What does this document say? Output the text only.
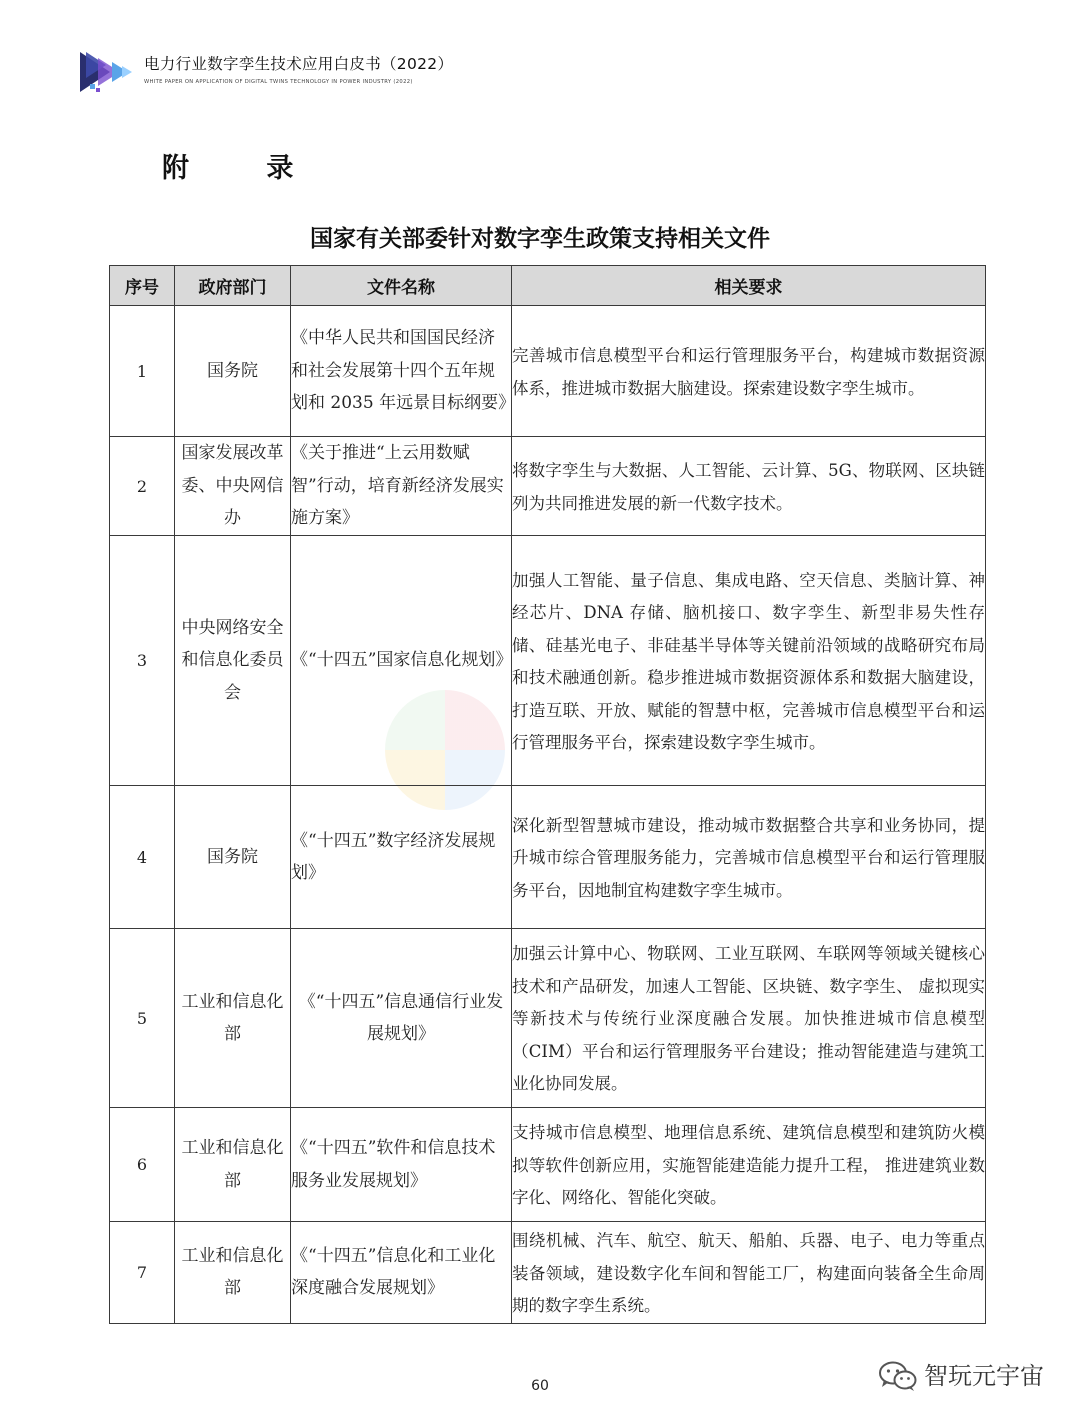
电力行业数字孪生技术应用白皮书（2022）
WHITE PAPER ON APPLICATION OF DIGITAL TWINS TECHNOLOGY IN POWER INDUSTRY (2022)
附 录
国家有关部委针对数字孪生政策支持相关文件
序号	政府部门	文件名称	相关要求
1	国务院	《中华人民共和国国民经济和社会发展第十四个五年规划和 2035 年远景目标纲要》	完善城市信息模型平台和运行管理服务平台，构建城市数据资源体系，推进城市数据大脑建设。探索建设数字孪生城市。

2	国家发展改革委、中央网信办	《关于推进“上云用数赋智”行动，培育新经济发展实施方案》	将数字孪生与大数据、人工智能、云计算、5G、物联网、区块链列为共同推进发展的新一代数字技术。

3	中央网络安全和信息化委员会	《“十四五”国家信息化规划》	加强人工智能、量子信息、集成电路、空天信息、类脑计算、神经芯片、DNA 存储、脑机接口、数字孪生、新型非易失性存储、硅基光电子、非硅基半导体等关键前沿领域的战略研究布局和技术融通创新。稳步推进城市数据资源体系和数据大脑建设，打造互联、开放、赋能的智慧中枢，完善城市信息模型平台和运行管理服务平台，探索建设数字孪生城市。

4	国务院	《“十四五”数字经济发展规划》	深化新型智慧城市建设，推动城市数据整合共享和业务协同，提升城市综合管理服务能力，完善城市信息模型平台和运行管理服务平台，因地制宜构建数字孪生城市。

5	工业和信息化部	《“十四五”信息通信行业发展规划》	加强云计算中心、物联网、工业互联网、车联网等领域关键核心技术和产品研发，加速人工智能、区块链、数字孪生、 虚拟现实等新技术与传统行业深度融合发展。加快推进城市信息模型（CIM）平台和运行管理服务平台建设；推动智能建造与建筑工业化协同发展。

6	工业和信息化部	《“十四五”软件和信息技术服务业发展规划》	支持城市信息模型、地理信息系统、建筑信息模型和建筑防火模拟等软件创新应用，实施智能建造能力提升工程， 推进建筑业数字化、网络化、智能化突破。

7	工业和信息化部	《“十四五”信息化和工业化深度融合发展规划》	围绕机械、汽车、航空、航天、船舶、兵器、电子、电力等重点装备领域，建设数字化车间和智能工厂，构建面向装备全生命周期的数字孪生系统。
60	智玩元宇宙
